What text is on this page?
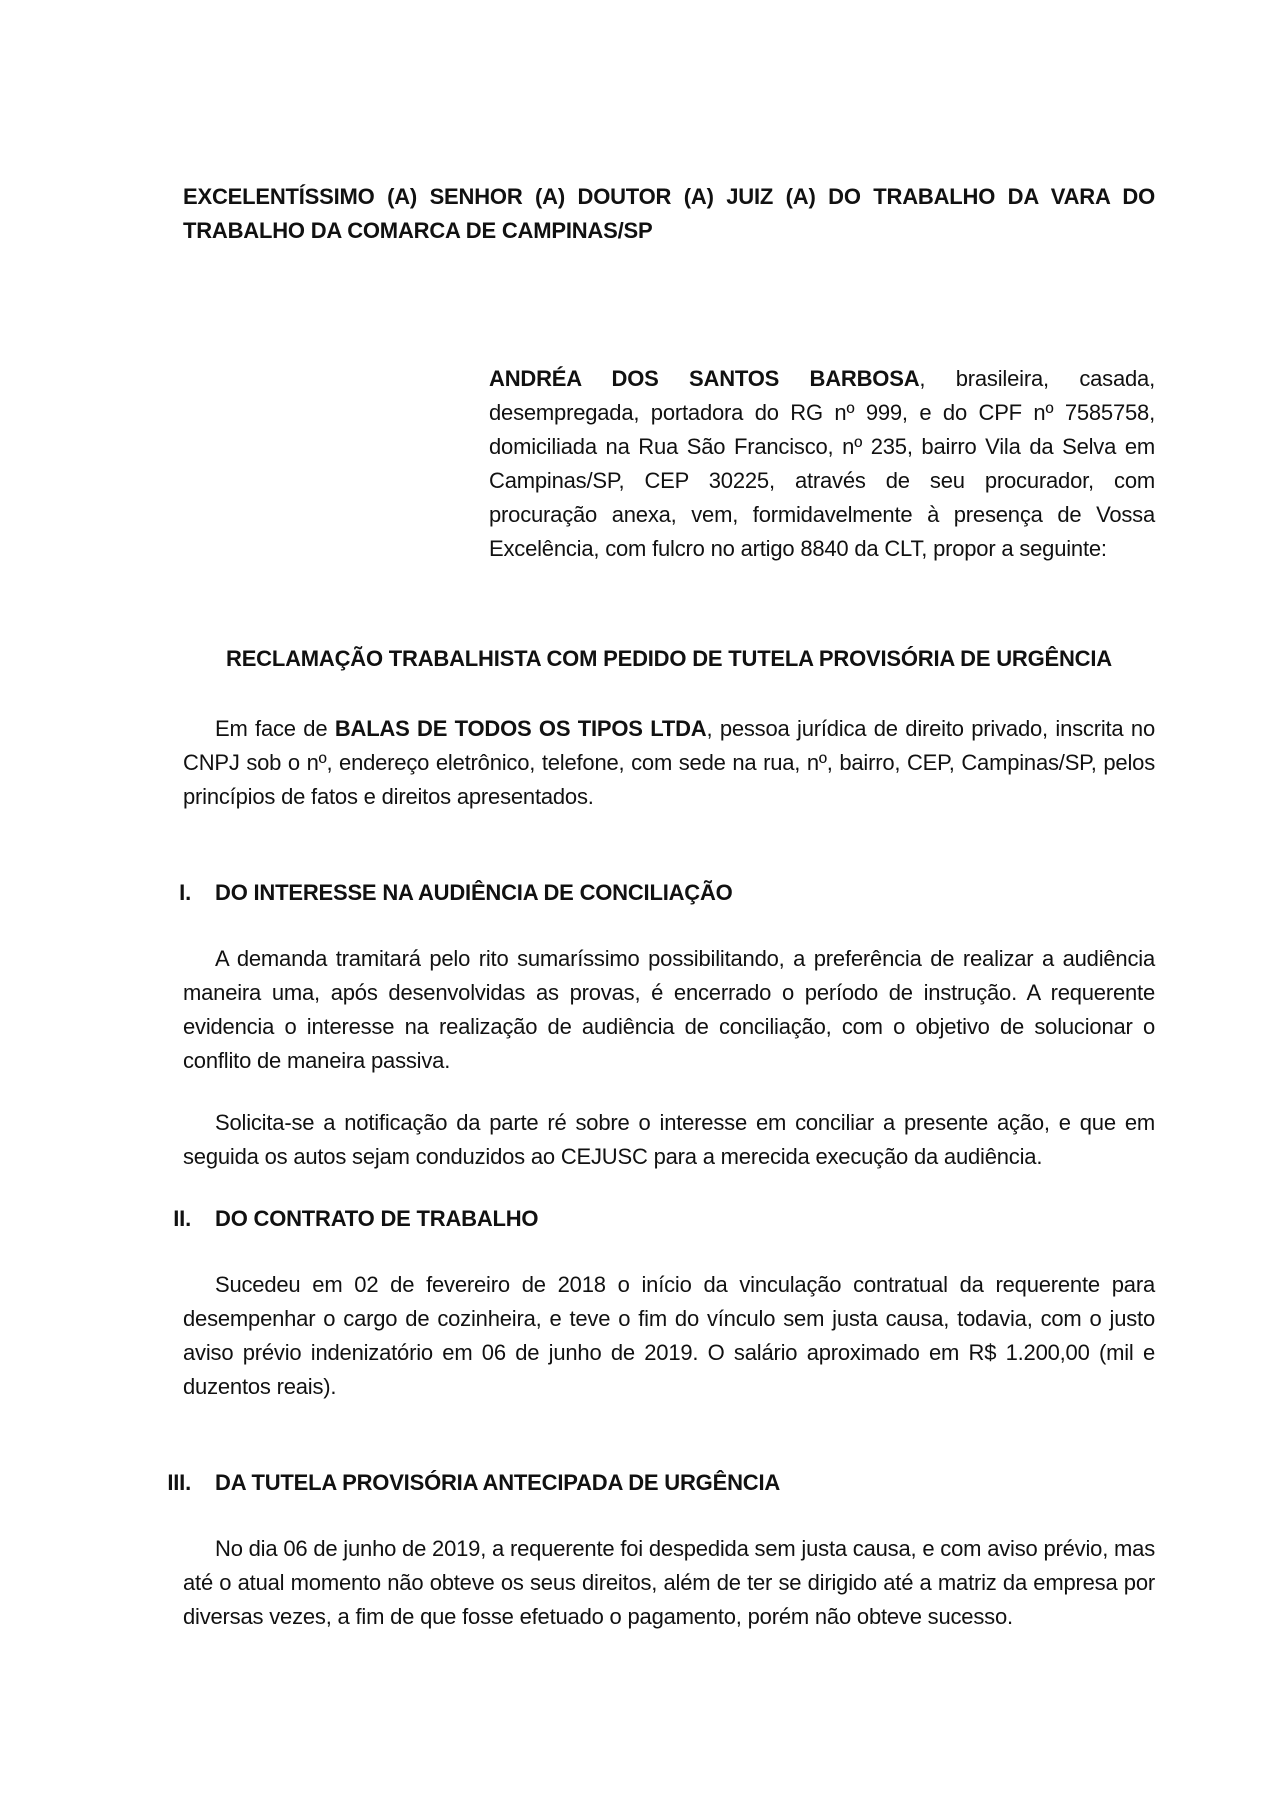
EXCELENTÍSSIMO (A) SENHOR (A) DOUTOR (A) JUIZ (A) DO TRABALHO DA VARA DO TRABALHO DA COMARCA DE CAMPINAS/SP

ANDRÉA DOS SANTOS BARBOSA, brasileira, casada, desempregada, portadora do RG nº 999, e do CPF nº 7585758, domiciliada na Rua São Francisco, nº 235, bairro Vila da Selva em Campinas/SP, CEP 30225, através de seu procurador, com procuração anexa, vem, formidavelmente à presença de Vossa Excelência, com fulcro no artigo 8840 da CLT, propor a seguinte:

RECLAMAÇÃO TRABALHISTA COM PEDIDO DE TUTELA PROVISÓRIA DE URGÊNCIA

Em face de BALAS DE TODOS OS TIPOS LTDA, pessoa jurídica de direito privado, inscrita no CNPJ sob o nº, endereço eletrônico, telefone, com sede na rua, nº, bairro, CEP, Campinas/SP, pelos princípios de fatos e direitos apresentados.

I. DO INTERESSE NA AUDIÊNCIA DE CONCILIAÇÃO

A demanda tramitará pelo rito sumaríssimo possibilitando, a preferência de realizar a audiência maneira uma, após desenvolvidas as provas, é encerrado o período de instrução. A requerente evidencia o interesse na realização de audiência de conciliação, com o objetivo de solucionar o conflito de maneira passiva.

Solicita-se a notificação da parte ré sobre o interesse em conciliar a presente ação, e que em seguida os autos sejam conduzidos ao CEJUSC para a merecida execução da audiência.

II. DO CONTRATO DE TRABALHO

Sucedeu em 02 de fevereiro de 2018 o início da vinculação contratual da requerente para desempenhar o cargo de cozinheira, e teve o fim do vínculo sem justa causa, todavia, com o justo aviso prévio indenizatório em 06 de junho de 2019. O salário aproximado em R$ 1.200,00 (mil e duzentos reais).

III. DA TUTELA PROVISÓRIA ANTECIPADA DE URGÊNCIA

No dia 06 de junho de 2019, a requerente foi despedida sem justa causa, e com aviso prévio, mas até o atual momento não obteve os seus direitos, além de ter se dirigido até a matriz da empresa por diversas vezes, a fim de que fosse efetuado o pagamento, porém não obteve sucesso.
